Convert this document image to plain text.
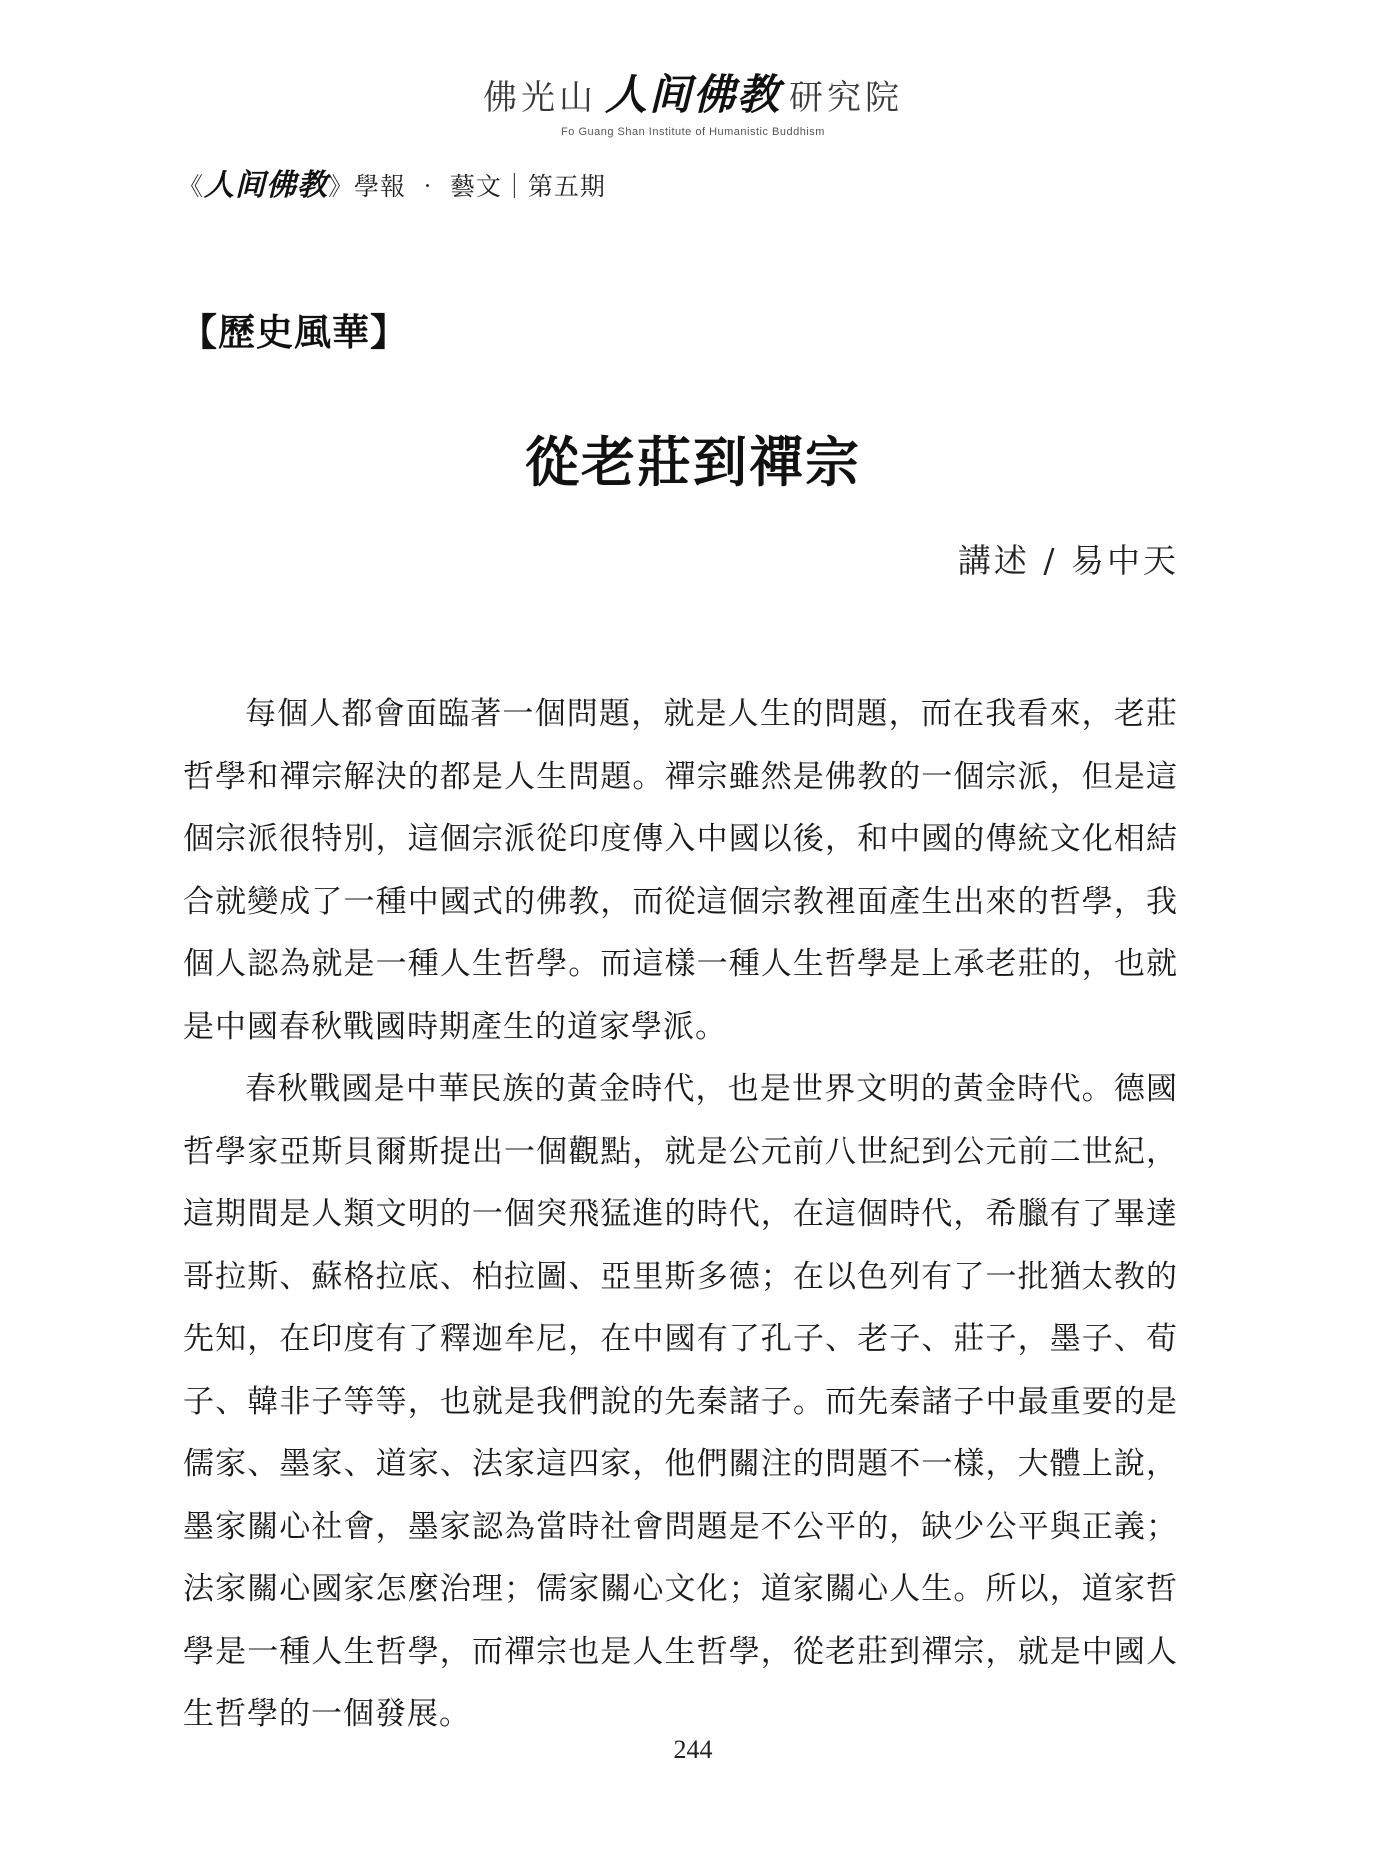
佛光山 人间佛教 研究院
Fo Guang Shan Institute of Humanistic Buddhism
《人间佛教》學報 ‧ 藝文｜第五期
【歷史風華】
從老莊到禪宗
講述 / 易中天

每個人都會面臨著一個問題，就是人生的問題，而在我看來，老莊哲學和禪宗解決的都是人生問題。禪宗雖然是佛教的一個宗派，但是這個宗派很特別，這個宗派從印度傳入中國以後，和中國的傳統文化相結合就變成了一種中國式的佛教，而從這個宗教裡面產生出來的哲學，我個人認為就是一種人生哲學。而這樣一種人生哲學是上承老莊的，也就是中國春秋戰國時期產生的道家學派。

春秋戰國是中華民族的黃金時代，也是世界文明的黃金時代。德國哲學家亞斯貝爾斯提出一個觀點，就是公元前八世紀到公元前二世紀，這期間是人類文明的一個突飛猛進的時代，在這個時代，希臘有了畢達哥拉斯、蘇格拉底、柏拉圖、亞里斯多德；在以色列有了一批猶太教的先知，在印度有了釋迦牟尼，在中國有了孔子、老子、莊子，墨子、荀子、韓非子等等，也就是我們說的先秦諸子。而先秦諸子中最重要的是儒家、墨家、道家、法家這四家，他們關注的問題不一樣，大體上說，墨家關心社會，墨家認為當時社會問題是不公平的，缺少公平與正義；法家關心國家怎麼治理；儒家關心文化；道家關心人生。所以，道家哲學是一種人生哲學，而禪宗也是人生哲學，從老莊到禪宗，就是中國人生哲學的一個發展。

244
